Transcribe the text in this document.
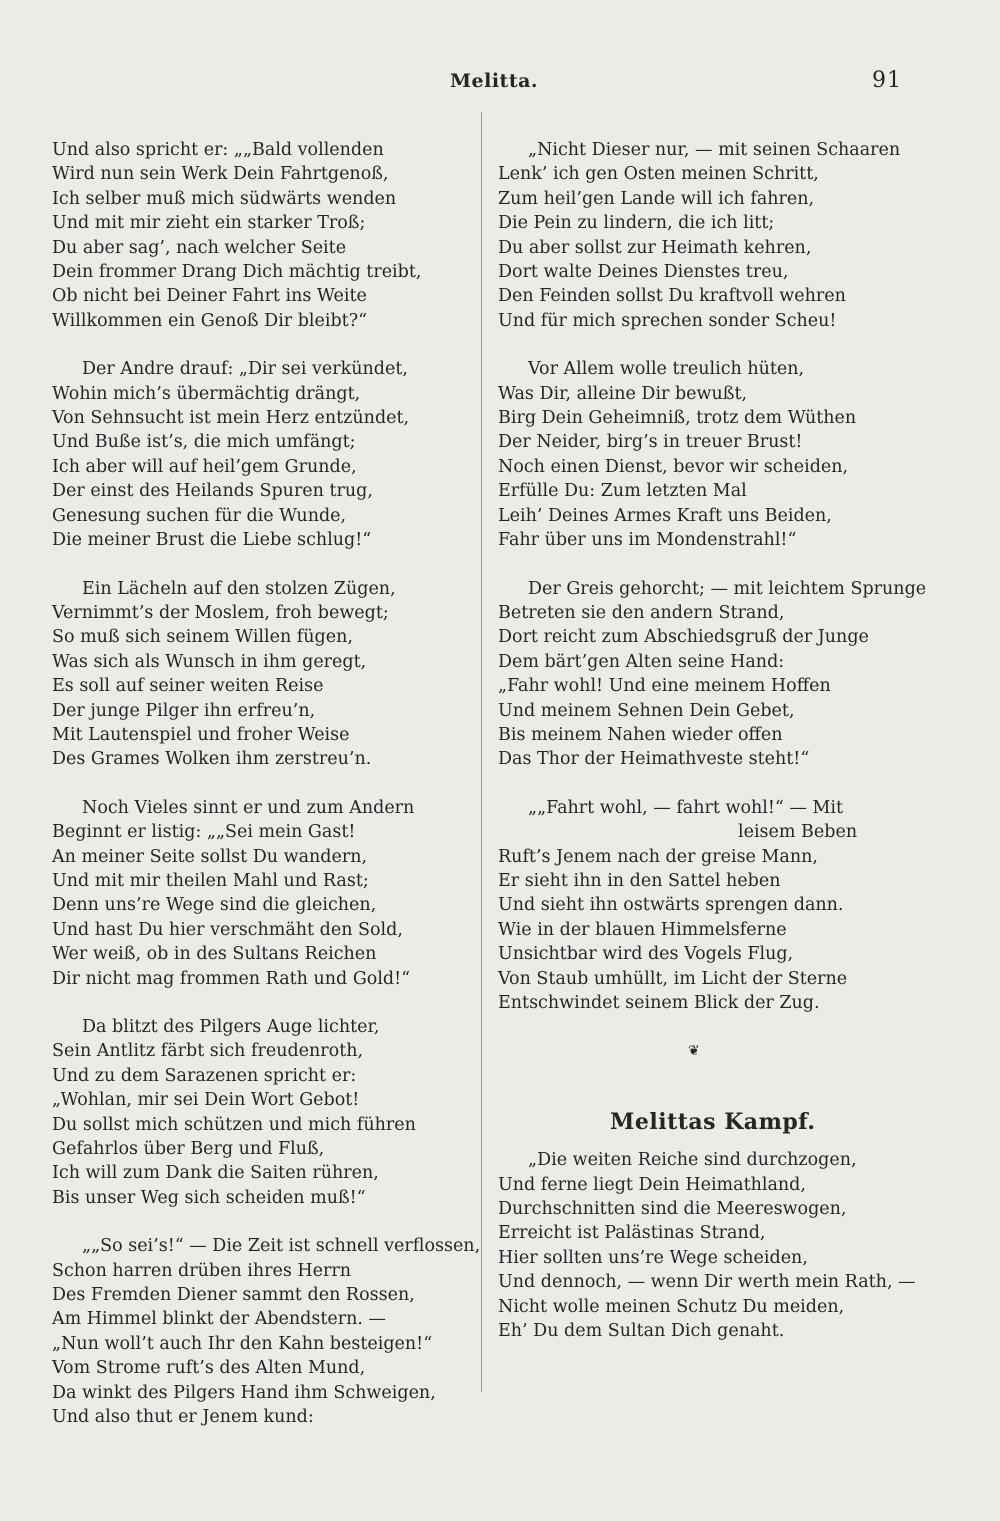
Melitta.	91
Und also spricht er: „„Bald vollenden
Wird nun sein Werk Dein Fahrtgenoß,
Ich selber muß mich südwärts wenden
Und mit mir zieht ein starker Troß;
Du aber sag’, nach welcher Seite
Dein frommer Drang Dich mächtig treibt,
Ob nicht bei Deiner Fahrt ins Weite
Willkommen ein Genoß Dir bleibt?“
Der Andre drauf: „Dir sei verkündet,
Wohin mich’s übermächtig drängt,
Von Sehnsucht ist mein Herz entzündet,
Und Buße ist’s, die mich umfängt;
Ich aber will auf heil’gem Grunde,
Der einst des Heilands Spuren trug,
Genesung suchen für die Wunde,
Die meiner Brust die Liebe schlug!“
Ein Lächeln auf den stolzen Zügen,
Vernimmt’s der Moslem, froh bewegt;
So muß sich seinem Willen fügen,
Was sich als Wunsch in ihm geregt,
Es soll auf seiner weiten Reise
Der junge Pilger ihn erfreu’n,
Mit Lautenspiel und froher Weise
Des Grames Wolken ihm zerstreu’n.
Noch Vieles sinnt er und zum Andern
Beginnt er listig: „„Sei mein Gast!
An meiner Seite sollst Du wandern,
Und mit mir theilen Mahl und Rast;
Denn uns’re Wege sind die gleichen,
Und hast Du hier verschmäht den Sold,
Wer weiß, ob in des Sultans Reichen
Dir nicht mag frommen Rath und Gold!“
Da blitzt des Pilgers Auge lichter,
Sein Antlitz färbt sich freudenroth,
Und zu dem Sarazenen spricht er:
„Wohlan, mir sei Dein Wort Gebot!
Du sollst mich schützen und mich führen
Gefahrlos über Berg und Fluß,
Ich will zum Dank die Saiten rühren,
Bis unser Weg sich scheiden muß!“
„„So sei’s!“ — Die Zeit ist schnell verflossen,
Schon harren drüben ihres Herrn
Des Fremden Diener sammt den Rossen,
Am Himmel blinkt der Abendstern. —
„Nun woll’t auch Ihr den Kahn besteigen!“
Vom Strome ruft’s des Alten Mund,
Da winkt des Pilgers Hand ihm Schweigen,
Und also thut er Jenem kund:
„Nicht Dieser nur, — mit seinen Schaaren
Lenk’ ich gen Osten meinen Schritt,
Zum heil’gen Lande will ich fahren,
Die Pein zu lindern, die ich litt;
Du aber sollst zur Heimath kehren,
Dort walte Deines Dienstes treu,
Den Feinden sollst Du kraftvoll wehren
Und für mich sprechen sonder Scheu!
Vor Allem wolle treulich hüten,
Was Dir, alleine Dir bewußt,
Birg Dein Geheimniß, trotz dem Wüthen
Der Neider, birg’s in treuer Brust!
Noch einen Dienst, bevor wir scheiden,
Erfülle Du: Zum letzten Mal
Leih’ Deines Armes Kraft uns Beiden,
Fahr über uns im Mondenstrahl!“
Der Greis gehorcht; — mit leichtem Sprunge
Betreten sie den andern Strand,
Dort reicht zum Abschiedsgruß der Junge
Dem bärt’gen Alten seine Hand:
„Fahr wohl! Und eine meinem Hoffen
Und meinem Sehnen Dein Gebet,
Bis meinem Nahen wieder offen
Das Thor der Heimathveste steht!“
„„Fahrt wohl, — fahrt wohl!“ — Mit
leisem Beben
Ruft’s Jenem nach der greise Mann,
Er sieht ihn in den Sattel heben
Und sieht ihn ostwärts sprengen dann.
Wie in der blauen Himmelsferne
Unsichtbar wird des Vogels Flug,
Von Staub umhüllt, im Licht der Sterne
Entschwindet seinem Blick der Zug.
❦
Melittas Kampf.
„Die weiten Reiche sind durchzogen,
Und ferne liegt Dein Heimathland,
Durchschnitten sind die Meereswogen,
Erreicht ist Palästinas Strand,
Hier sollten uns’re Wege scheiden,
Und dennoch, — wenn Dir werth mein Rath, —
Nicht wolle meinen Schutz Du meiden,
Eh’ Du dem Sultan Dich genaht.
